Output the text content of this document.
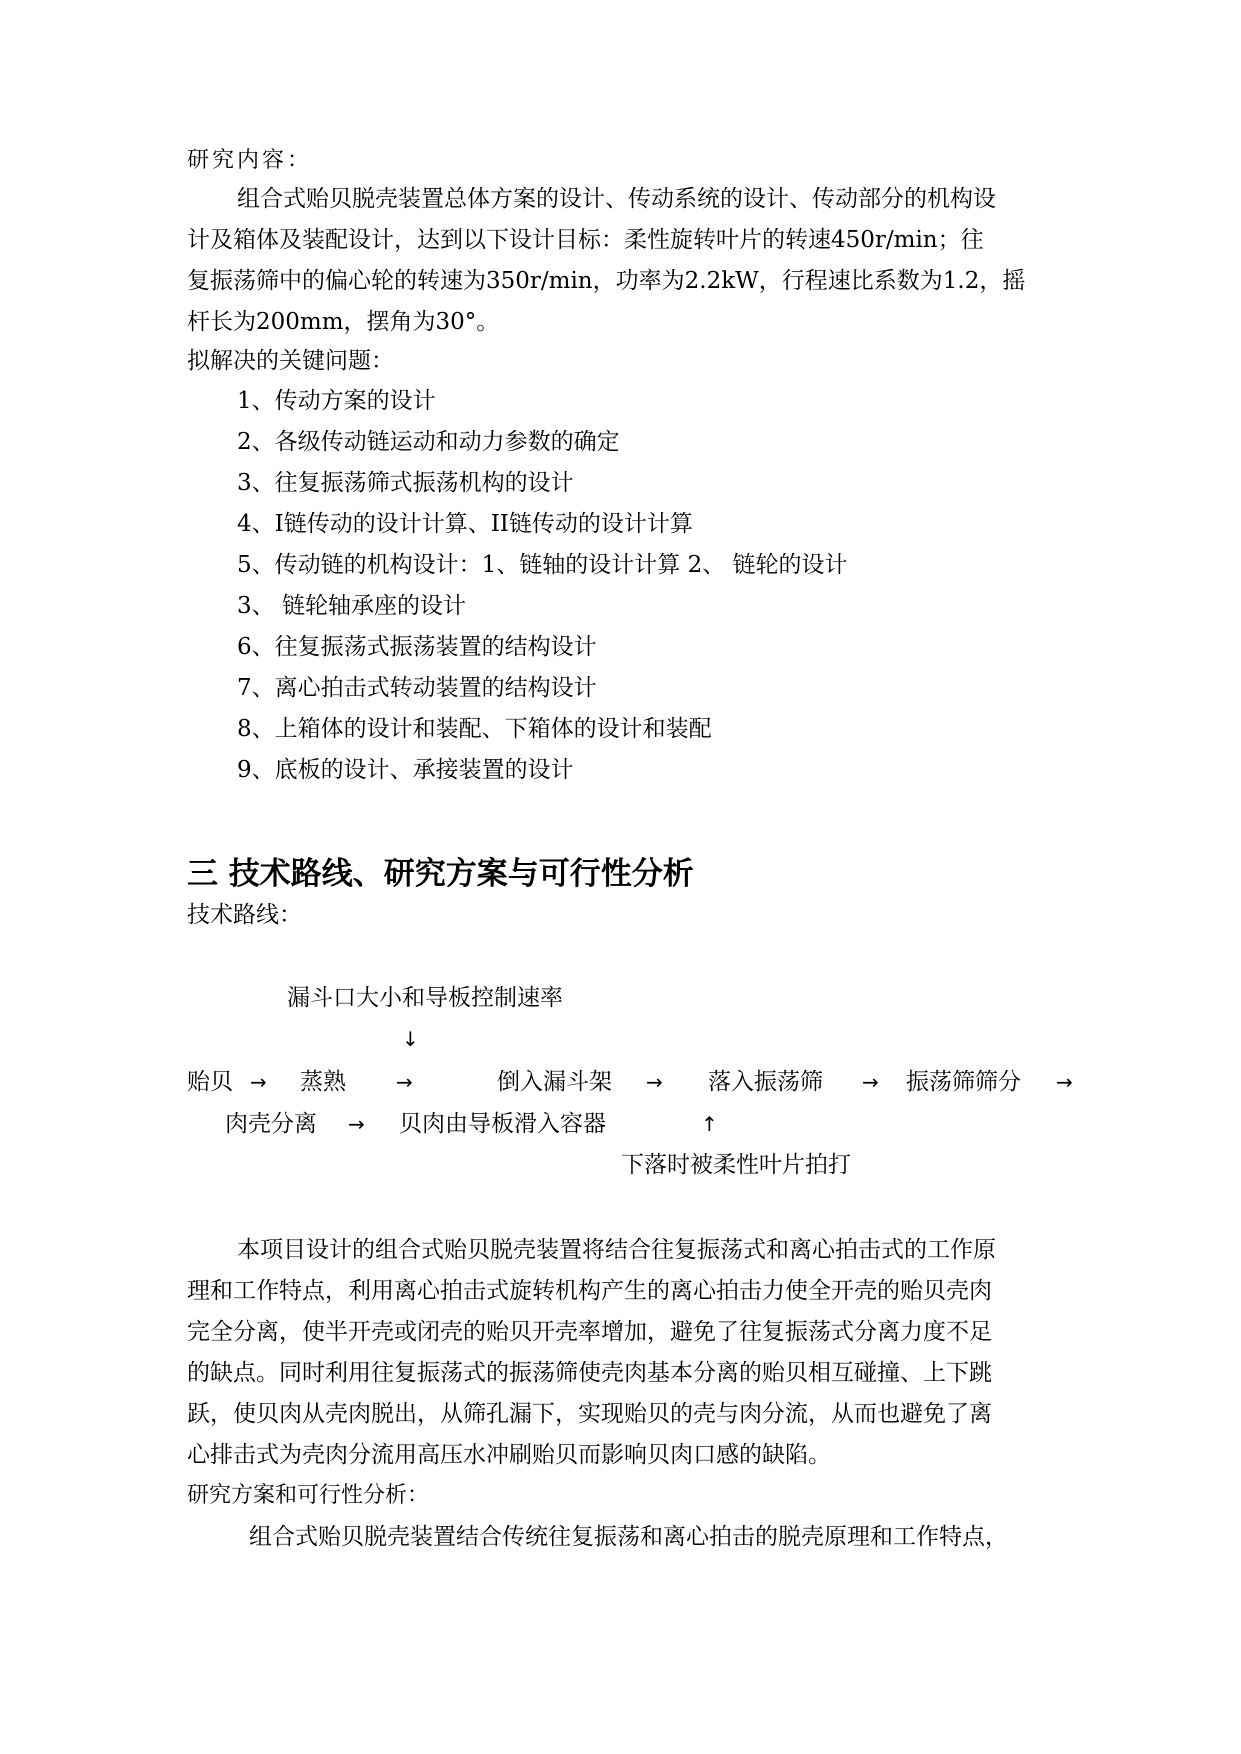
研究内容：
组合式贻贝脱壳装置总体方案的设计、传动系统的设计、传动部分的机构设
计及箱体及装配设计，达到以下设计目标：柔性旋转叶片的转速450r/min；往
复振荡筛中的偏心轮的转速为350r/min，功率为2.2kW，行程速比系数为1.2，摇
杆长为200mm，摆角为30°。
拟解决的关键问题：
1、传动方案的设计
2、各级传动链运动和动力参数的确定
3、往复振荡筛式振荡机构的设计
4、I链传动的设计计算、II链传动的设计计算
5、传动链的机构设计：1、链轴的设计计算 2、 链轮的设计
3、 链轮轴承座的设计
6、往复振荡式振荡装置的结构设计
7、离心拍击式转动装置的结构设计
8、上箱体的设计和装配、下箱体的设计和装配
9、底板的设计、承接装置的设计
三 技术路线、研究方案与可行性分析
技术路线：
漏斗口大小和导板控制速率
↓
贻贝 → 蒸熟	→	倒入漏斗架 → 落入振荡筛 → 振荡筛筛分 →
肉壳分离 → 贝肉由导板滑入容器	↑
下落时被柔性叶片拍打
本项目设计的组合式贻贝脱壳装置将结合往复振荡式和离心拍击式的工作原
理和工作特点，利用离心拍击式旋转机构产生的离心拍击力使全开壳的贻贝壳肉
完全分离，使半开壳或闭壳的贻贝开壳率增加，避免了往复振荡式分离力度不足
的缺点。同时利用往复振荡式的振荡筛使壳肉基本分离的贻贝相互碰撞、上下跳
跃，使贝肉从壳肉脱出，从筛孔漏下，实现贻贝的壳与肉分流，从而也避免了离
心排击式为壳肉分流用高压水冲刷贻贝而影响贝肉口感的缺陷。
研究方案和可行性分析：
组合式贻贝脱壳装置结合传统往复振荡和离心拍击的脱壳原理和工作特点，
